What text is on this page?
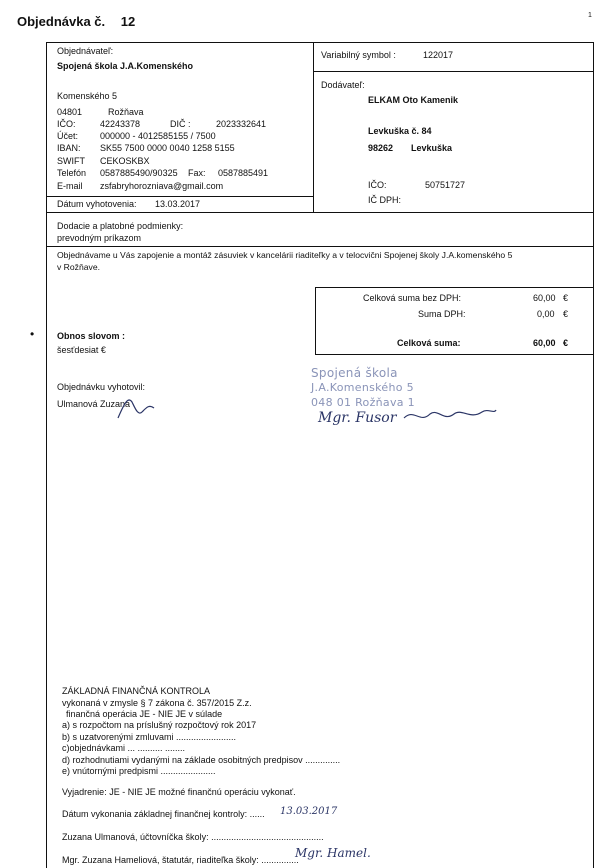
Objednávka č. 12	1
Objednávateľ:
Spojená škola J.A.Komenského
Komenského 5
04801	Rožňava
IČO:	42243378	DIČ :	2023332641
Účet: 000000 - 4012585155 / 7500
IBAN: SK55 7500 0000 0040 1258 5155
SWIFT CEKOSKBX
Telefón 0587885490/90325 Fax: 0587885491
E-mail zsfabryhorozniava@gmail.com
Dátum vyhotovenia: 13.03.2017
Variabilný symbol :	122017
Dodávateľ:
ELKAM Oto Kamenik
Levkuška č. 84
98262 Levkuška
IČO:	50751727
IČ DPH:
Dodacie a platobné podmienky:
prevodným príkazom
Objednávame u Vás zapojenie a montáž zásuviek v kancelárii riaditeľky a v telocvični Spojenej školy J.A.komenského 5
v Rožňave.
Celková suma bez DPH:	60,00 €
Suma DPH:	0,00 €
Celková suma:	60,00 €
•	Obnos slovom :
šesťdesiat €
Objednávku vyhotovil:
Ulmanová Zuzana
Spojená škola
J.A.Komenského 5
048 01 Rožňava 1
Mgr. Fusor
ZÁKLADNÁ FINANČNÁ KONTROLA
vykonaná v zmysle § 7 zákona č. 357/2015 Z.z.
finančná operácia JE - NIE JE v súlade
a) s rozpočtom na príslušný rozpočtový rok 2017
b) s uzatvorenými zmluvami ........................
c)objednávkami ... .......... ........
d) rozhodnutiami vydanými na základe osobitných predpisov ..............
e) vnútornými predpismi ......................
Vyjadrenie: JE - NIE JE možné finančnú operáciu vykonať.
Dátum vykonania základnej finančnej kontroly: ...... 13.03.2017
Zuzana Ulmanová, účtovníčka školy: .............................................
Mgr. Zuzana Hameliová, štatutár, riaditeľka školy: ...............
Mgr. Hamel.
